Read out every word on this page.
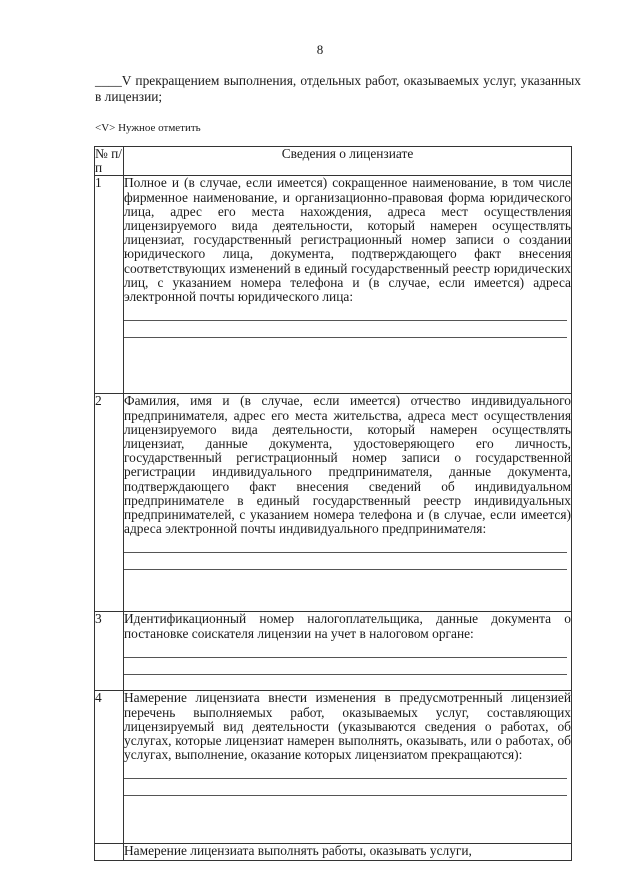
8
____V прекращением выполнения, отдельных работ, оказываемых услуг, указанных в лицензии;
<V> Нужное отметить
№ п/п	Сведения о лицензиате
1	Полное и (в случае, если имеется) сокращенное наименование, в том числе фирменное наименование, и организационно-правовая форма юридического лица, адрес его места нахождения, адреса мест осуществления лицензируемого вида деятельности, который намерен осуществлять лицензиат, государственный регистрационный номер записи о создании юридического лица, документа, подтверждающего факт внесения соответствующих изменений в единый государственный реестр юридических лиц, с указанием номера телефона и (в случае, если имеется) адреса электронной почты юридического лица:

2	Фамилия, имя и (в случае, если имеется) отчество индивидуального предпринимателя, адрес его места жительства, адреса мест осуществления лицензируемого вида деятельности, который намерен осуществлять лицензиат, данные документа, удостоверяющего его личность, государственный регистрационный номер записи о государственной регистрации индивидуального предпринимателя, данные документа, подтверждающего факт внесения сведений об индивидуальном предпринимателе в единый государственный реестр индивидуальных предпринимателей, с указанием номера телефона и (в случае, если имеется) адреса электронной почты индивидуального предпринимателя:

3	Идентификационный номер налогоплательщика, данные документа о постановке соискателя лицензии на учет в налоговом органе:

4	Намерение лицензиата внести изменения в предусмотренный лицензией перечень выполняемых работ, оказываемых услуг, составляющих лицензируемый вид деятельности (указываются сведения о работах, об услугах, которые лицензиат намерен выполнять, оказывать, или о работах, об услугах, выполнение, оказание которых лицензиатом прекращаются):

	Намерение лицензиата выполнять работы, оказывать услуги,
